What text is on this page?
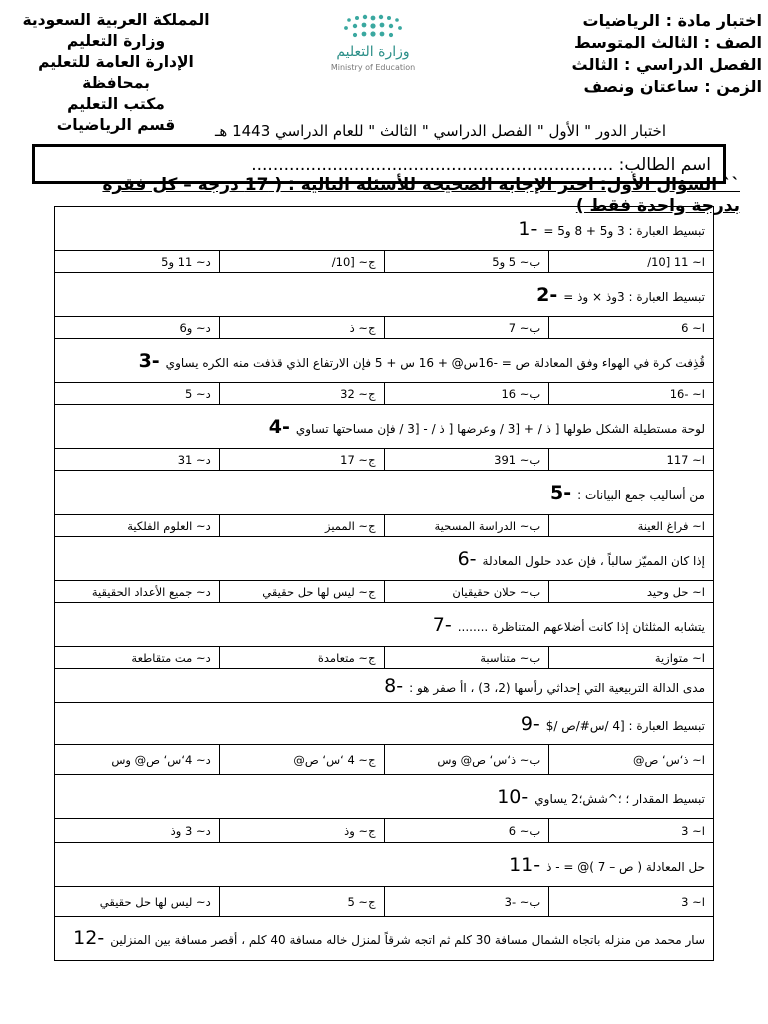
اختبار مادة : الرياضيات
الصف : الثالث المتوسط
الفصل الدراسي : الثالث
الزمن : ساعتان ونصف
وزارة التعليم
Ministry of Education
المملكة العربية السعودية
وزارة التعليم
الإدارة العامة للتعليم
بمحافظة
مكتب التعليم
قسم الرياضيات	اختبار الدور " الأول " الفصل الدراسي " الثالث " للعام الدراسي 1443 هـ
اسم الطالب: ...................................................................
`` السؤال الأول: اختر الإجابة الصحيحة للأسئلة التالية : ( 17 درجة – كل فقرة بدرجة واحدة فقط )
تبسيط العبارة : 3 و5 + 8 و5 =1-			
ا~ 11 [10/	ب~ 5 و5	ج~ [10/	د~ 11 و5
تبسيط العبارة : 3وذ × وذ =2-			
ا~ 6	ب~ 7	ج~ ذ	د~ و6
قُذِفت كرة في الهواء وفق المعادلة ص = -16س@ + 16 س + 5 فإن الارتفاع الذي قذفت منه الكره يساوي3-			
ا~ -16	ب~ 16	ج~ 32	د~ 5
لوحة مستطيلة الشكل طولها [ ذ / + [3 / وعرضها [ ذ / - [3 / فإن مساحتها تساوي4-			
ا~ 117	ب~ 391	ج~ 17	د~ 31
من أساليب جمع البيانات :5-			
ا~ فراغ العينة	ب~ الدراسة المسحية	ج~ المميز	د~ العلوم الفلكية
إذا كان المميّز سالباً ، فإن عدد حلول المعادلة6-			
ا~ حل وحيد	ب~ حلان حقيقيان	ج~ ليس لها حل حقيقي	د~ جميع الأعداد الحقيقية
يتشابه المثلثان إذا كانت أضلاعهم المتناظرة ........7-			
ا~ متوازية	ب~ متناسبة	ج~ متعامدة	د~ مت متقاطعة
مدى الدالة التربيعية التي إحداثي رأسها (2، 3) ، اأ صفر هو :8-			
تبسيط العبارة : [4 /س#/ص /$9-			
ا~ ذ‘س‘ ص@	ب~ ذ‘س‘ ص@ وس	ج~ 4 ‘س‘ ص@	د~ 4‘س‘ ص@ وس
تبسيط المقدار ؛ ؛^شش؛2 يساوي10-			
ا~ 3	ب~ 6	ج~ وذ	د~ 3 وذ
حل المعادلة ( ص – 7 )@ = - ذ11-			
ا~ 3	ب~ -3	ج~ 5	د~ ليس لها حل حقيقي
سار محمد من منزله باتجاه الشمال مسافة 30 كلم ثم اتجه شرقاً لمنزل خاله مسافة 40 كلم ، أقصر مسافة بين المنزلين12-			
